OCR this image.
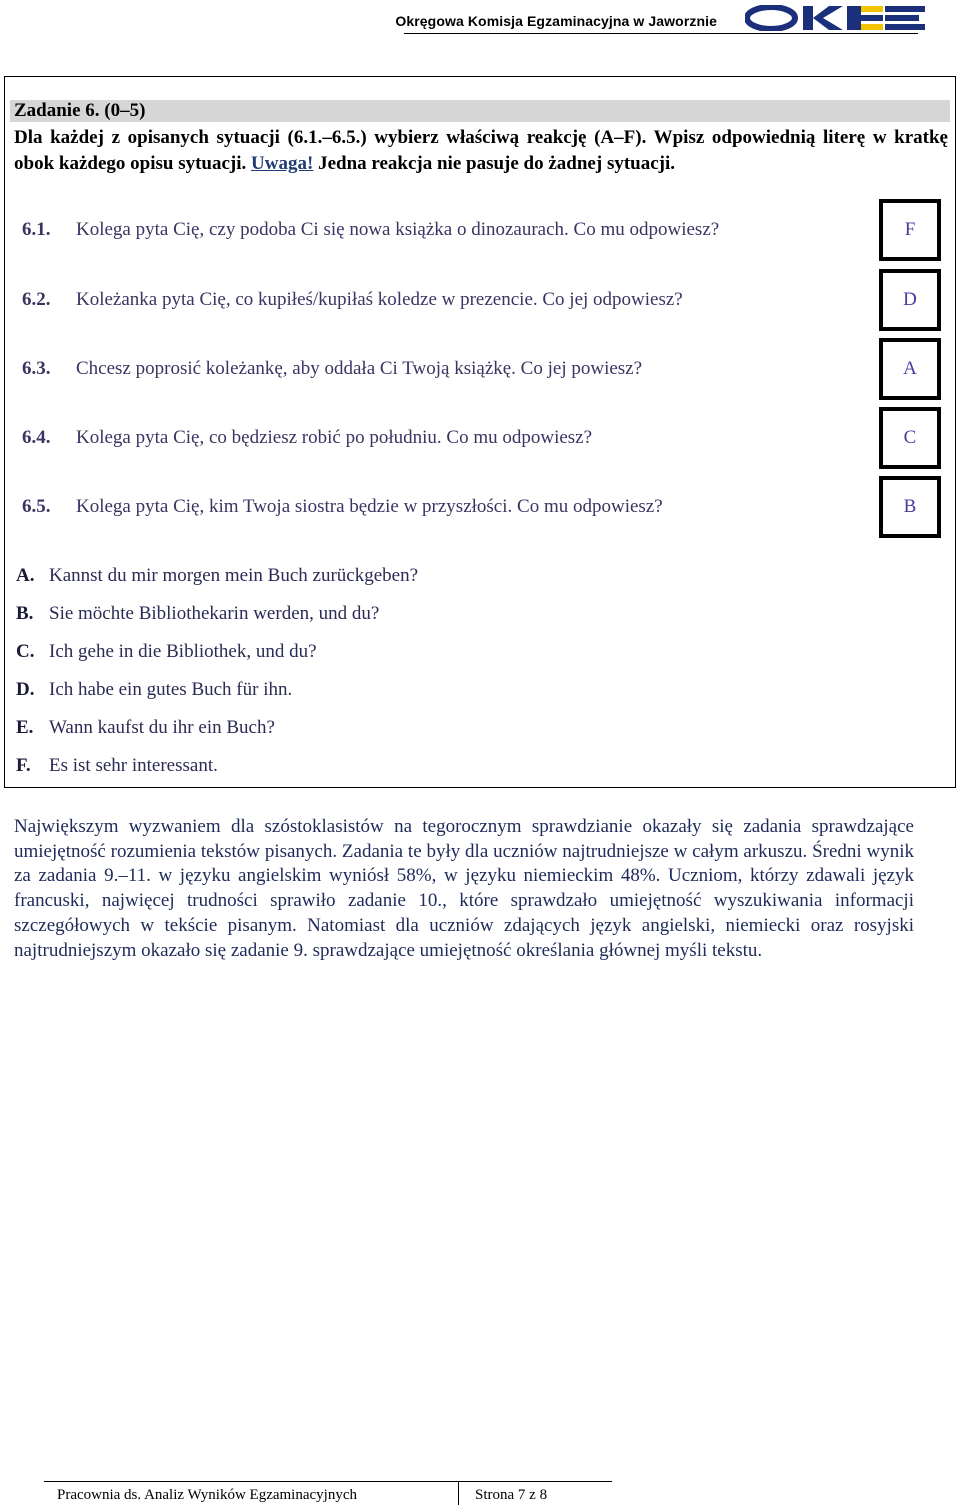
Okręgowa Komisja Egzaminacyjna w Jaworznie
Zadanie 6. (0–5)
Dla każdej z opisanych sytuacji (6.1.–6.5.) wybierz właściwą reakcję (A–F). Wpisz odpowiednią literę w kratkę obok każdego opisu sytuacji. Uwaga! Jedna reakcja nie pasuje do żadnej sytuacji.
6.1. Kolega pyta Cię, czy podoba Ci się nowa książka o dinozaurach. Co mu odpowiesz?	F
6.2. Koleżanka pyta Cię, co kupiłeś/kupiłaś koledze w prezencie. Co jej odpowiesz?	D
6.3. Chcesz poprosić koleżankę, aby oddała Ci Twoją książkę. Co jej powiesz?	A
6.4. Kolega pyta Cię, co będziesz robić po południu. Co mu odpowiesz?	C
6.5. Kolega pyta Cię, kim Twoja siostra będzie w przyszłości. Co mu odpowiesz?	B
A. Kannst du mir morgen mein Buch zurückgeben?
B. Sie möchte Bibliothekarin werden, und du?
C. Ich gehe in die Bibliothek, und du?
D. Ich habe ein gutes Buch für ihn.
E. Wann kaufst du ihr ein Buch?
F. Es ist sehr interessant.

Największym wyzwaniem dla szóstoklasistów na tegorocznym sprawdzianie okazały się zadania sprawdzające umiejętność rozumienia tekstów pisanych. Zadania te były dla uczniów najtrudniejsze w całym arkuszu. Średni wynik za zadania 9.–11. w języku angielskim wyniósł 58%, w języku niemieckim 48%. Uczniom, którzy zdawali język francuski, najwięcej trudności sprawiło zadanie 10., które sprawdzało umiejętność wyszukiwania informacji szczegółowych w tekście pisanym. Natomiast dla uczniów zdających język angielski, niemiecki oraz rosyjski najtrudniejszym okazało się zadanie 9. sprawdzające umiejętność określania głównej myśli tekstu.

Pracownia ds. Analiz Wyników Egzaminacyjnych	Strona 7 z 8
